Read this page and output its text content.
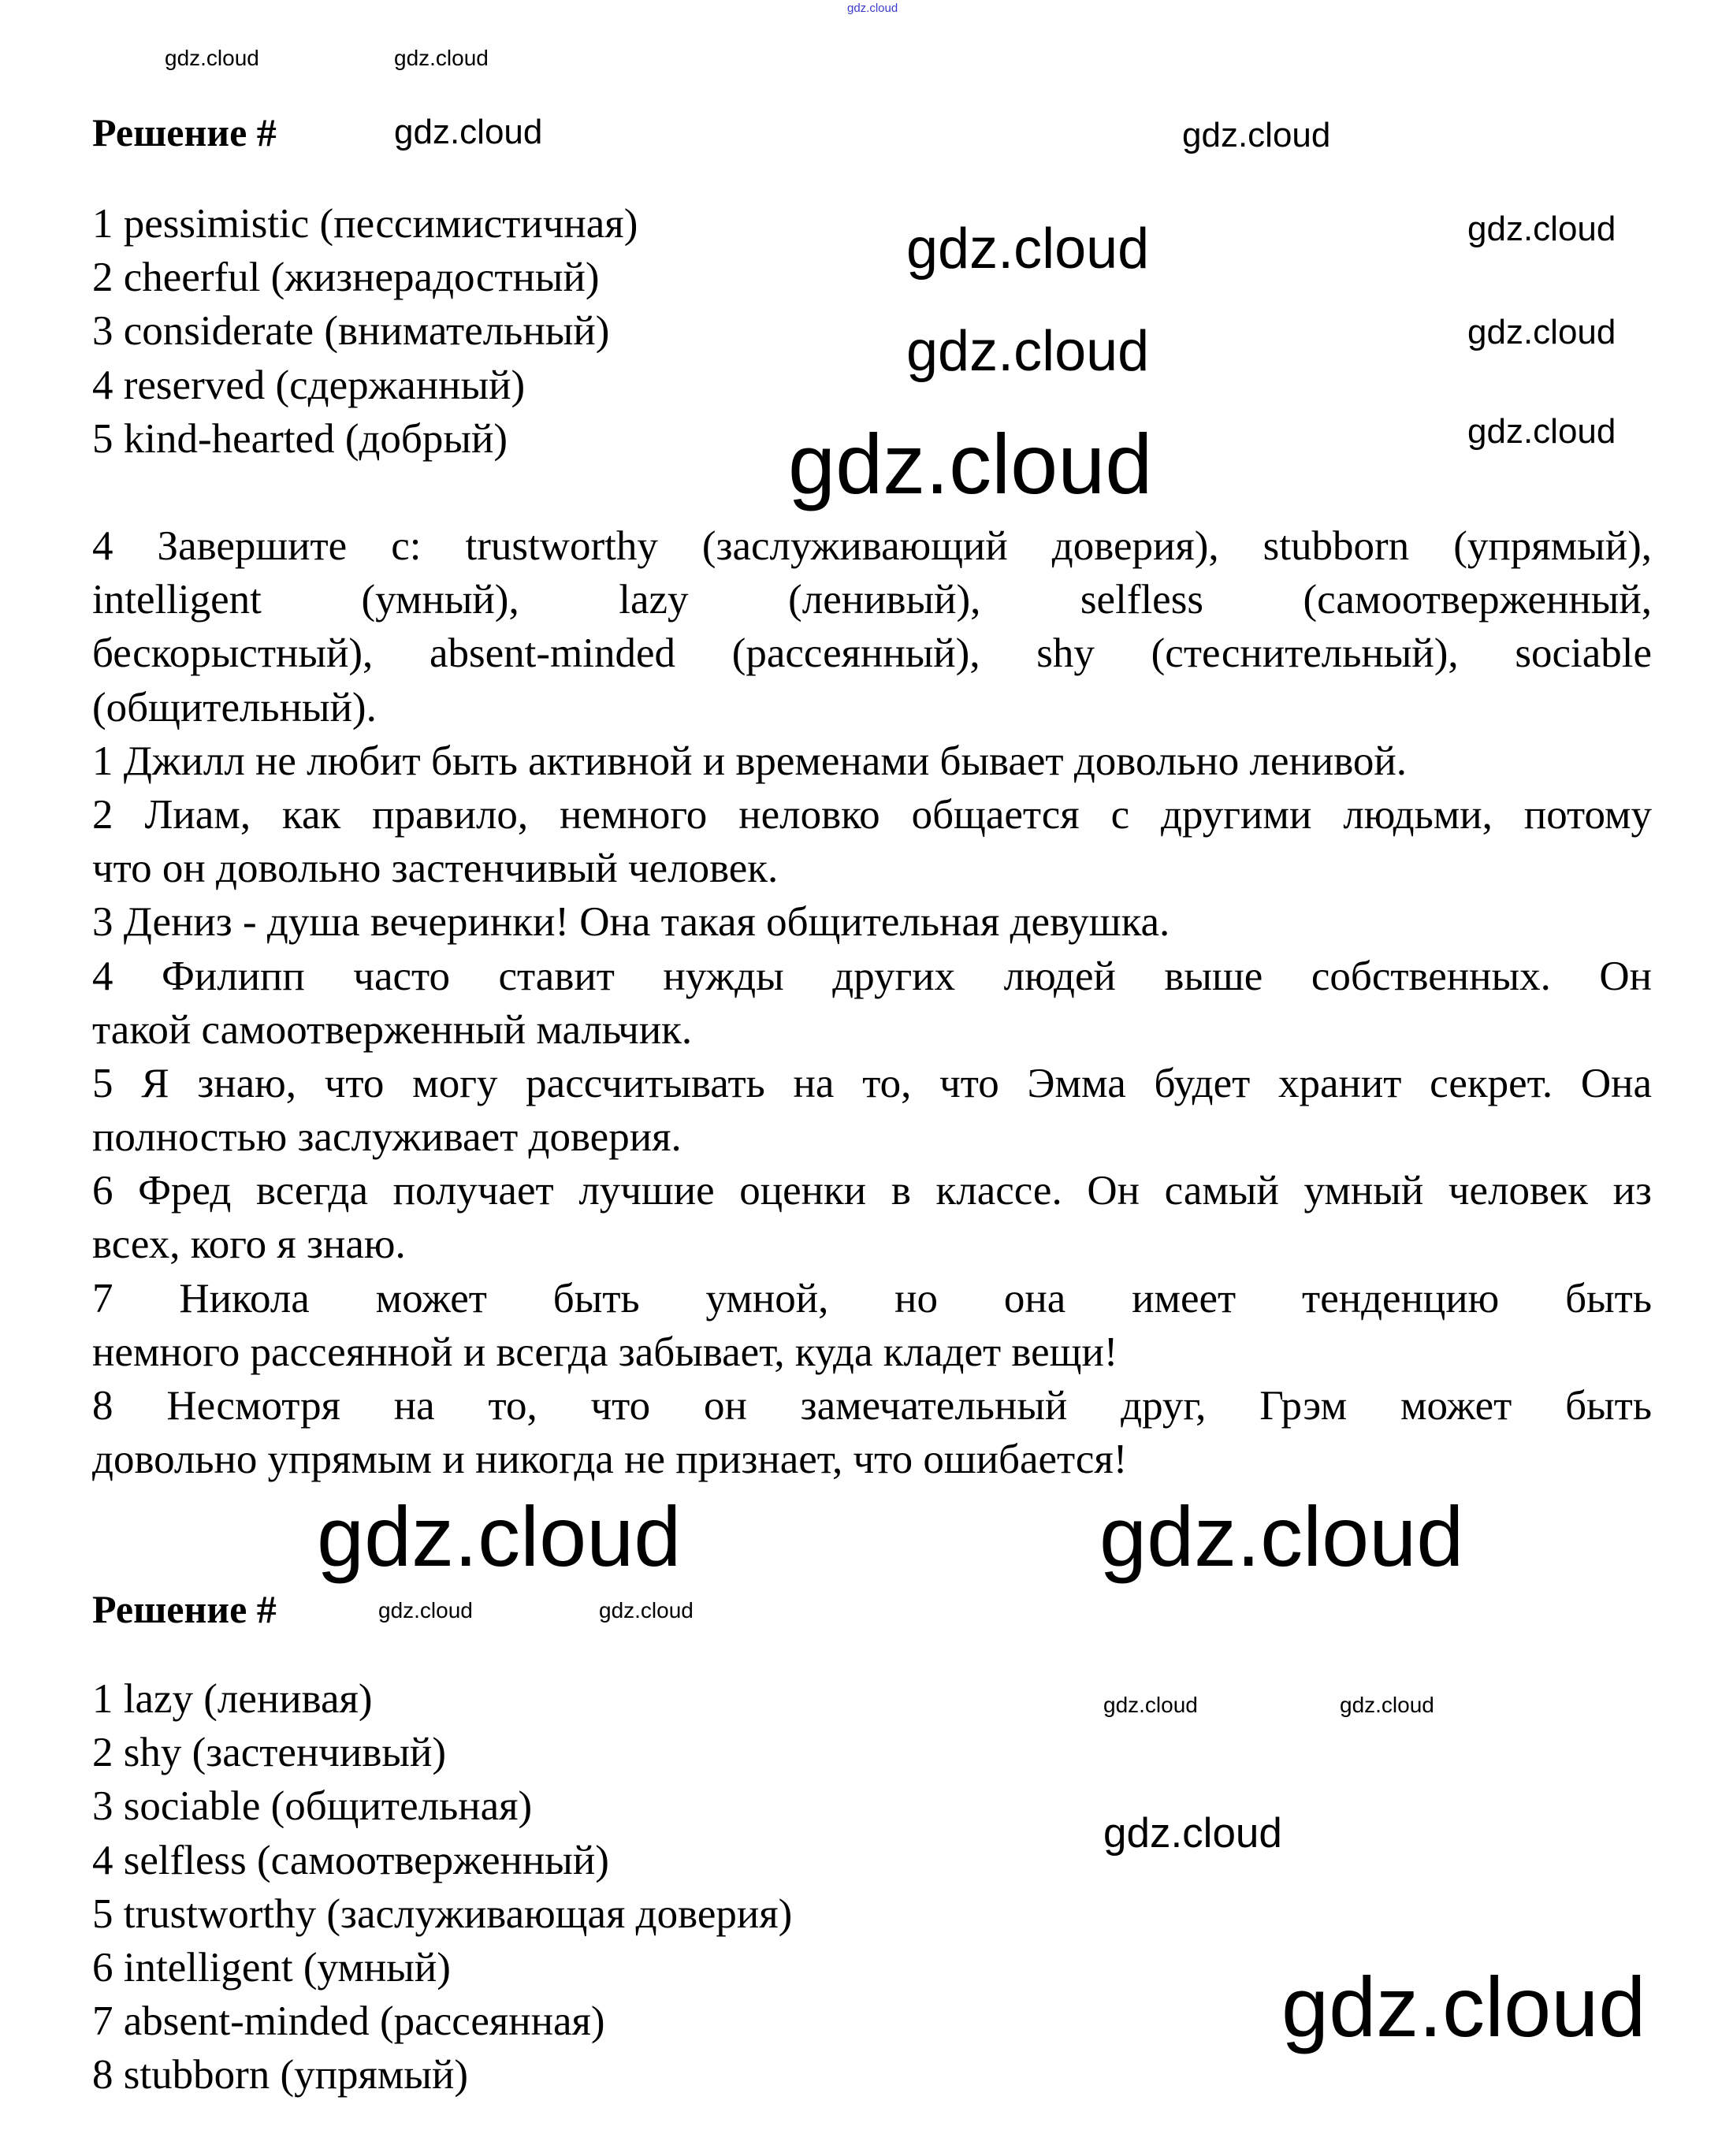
gdz.cloud
Решение #
1 pessimistic (пессимистичная)
2 cheerful (жизнерадостный)
3 considerate (внимательный)
4 reserved (сдержанный)
5 kind-hearted (добрый)
4 Завершите с: trustworthy (заслуживающий доверия), stubborn (упрямый),
intelligent (умный), lazy (ленивый), selfless (самоотверженный,
бескорыстный), absent-minded (рассеянный), shy (стеснительный), sociable
(общительный).
1 Джилл не любит быть активной и временами бывает довольно ленивой.
2 Лиам, как правило, немного неловко общается с другими людьми, потому
что он довольно застенчивый человек.
3 Дениз - душа вечеринки! Она такая общительная девушка.
4 Филипп часто ставит нужды других людей выше собственных. Он
такой самоотверженный мальчик.
5 Я знаю, что могу рассчитывать на то, что Эмма будет хранит секрет. Она
полностью заслуживает доверия.
6 Фред всегда получает лучшие оценки в классе. Он самый умный человек из
всех, кого я знаю.
7 Никола может быть умной, но она имеет тенденцию быть
немного рассеянной и всегда забывает, куда кладет вещи!
8 Несмотря на то, что он замечательный друг, Грэм может быть
довольно упрямым и никогда не признает, что ошибается!
Решение #
1 lazy (ленивая)
2 shy (застенчивый)
3 sociable (общительная)
4 selfless (самоотверженный)
5 trustworthy (заслуживающая доверия)
6 intelligent (умный)
7 absent-minded (рассеянная)
8 stubborn (упрямый)
gdz.cloud
gdz.cloud
gdz.cloud
gdz.cloud
gdz.cloud
gdz.cloud
gdz.cloud	gdz.cloud
gdz.cloud
gdz.cloud
gdz.cloud
gdz.cloud
gdz.cloud	gdz.cloud
gdz.cloud	gdz.cloud
gdz.cloud
gdz.cloud
